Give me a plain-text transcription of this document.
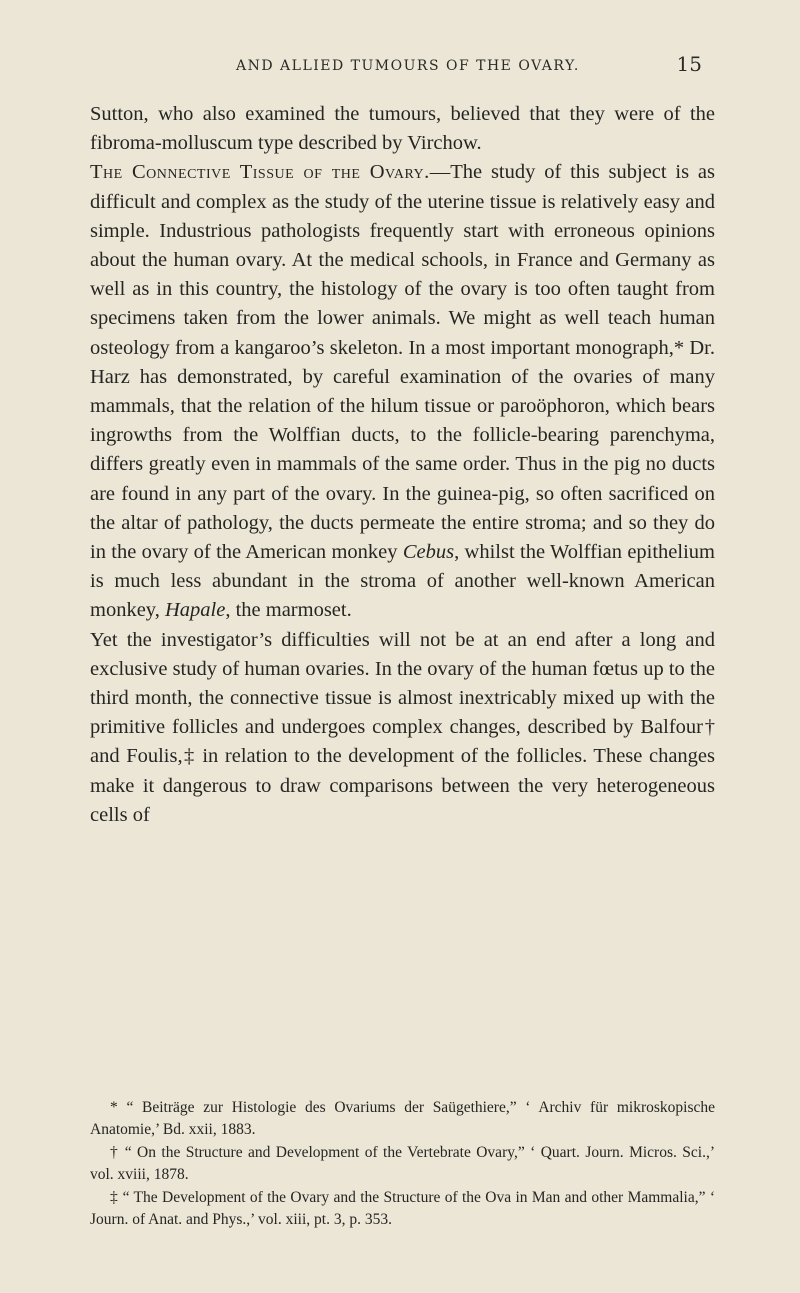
AND ALLIED TUMOURS OF THE OVARY.	15

Sutton, who also examined the tumours, believed that they were of the fibroma-molluscum type described by Virchow.

The Connective Tissue of the Ovary.—The study of this subject is as difficult and complex as the study of the uterine tissue is relatively easy and simple. Industrious pathologists frequently start with erroneous opinions about the human ovary. At the medical schools, in France and Germany as well as in this country, the histology of the ovary is too often taught from specimens taken from the lower animals. We might as well teach human osteology from a kangaroo’s skeleton. In a most important monograph,* Dr. Harz has demonstrated, by careful examination of the ovaries of many mammals, that the relation of the hilum tissue or paroöphoron, which bears ingrowths from the Wolffian ducts, to the follicle-bearing parenchyma, differs greatly even in mammals of the same order. Thus in the pig no ducts are found in any part of the ovary. In the guinea-pig, so often sacrificed on the altar of pathology, the ducts permeate the entire stroma; and so they do in the ovary of the American monkey Cebus, whilst the Wolffian epithelium is much less abundant in the stroma of another well-known American monkey, Hapale, the marmoset.

Yet the investigator’s difficulties will not be at an end after a long and exclusive study of human ovaries. In the ovary of the human fœtus up to the third month, the connective tissue is almost inextricably mixed up with the primitive follicles and undergoes complex changes, described by Balfour† and Foulis,‡ in relation to the development of the follicles. These changes make it dangerous to draw comparisons between the very heterogeneous cells of

* “ Beiträge zur Histologie des Ovariums der Saügethiere,” ‘ Archiv für mikroskopische Anatomie,’ Bd. xxii, 1883.

† “ On the Structure and Development of the Vertebrate Ovary,” ‘ Quart. Journ. Micros. Sci.,’ vol. xviii, 1878.

‡ “ The Development of the Ovary and the Structure of the Ova in Man and other Mammalia,” ‘ Journ. of Anat. and Phys.,’ vol. xiii, pt. 3, p. 353.
